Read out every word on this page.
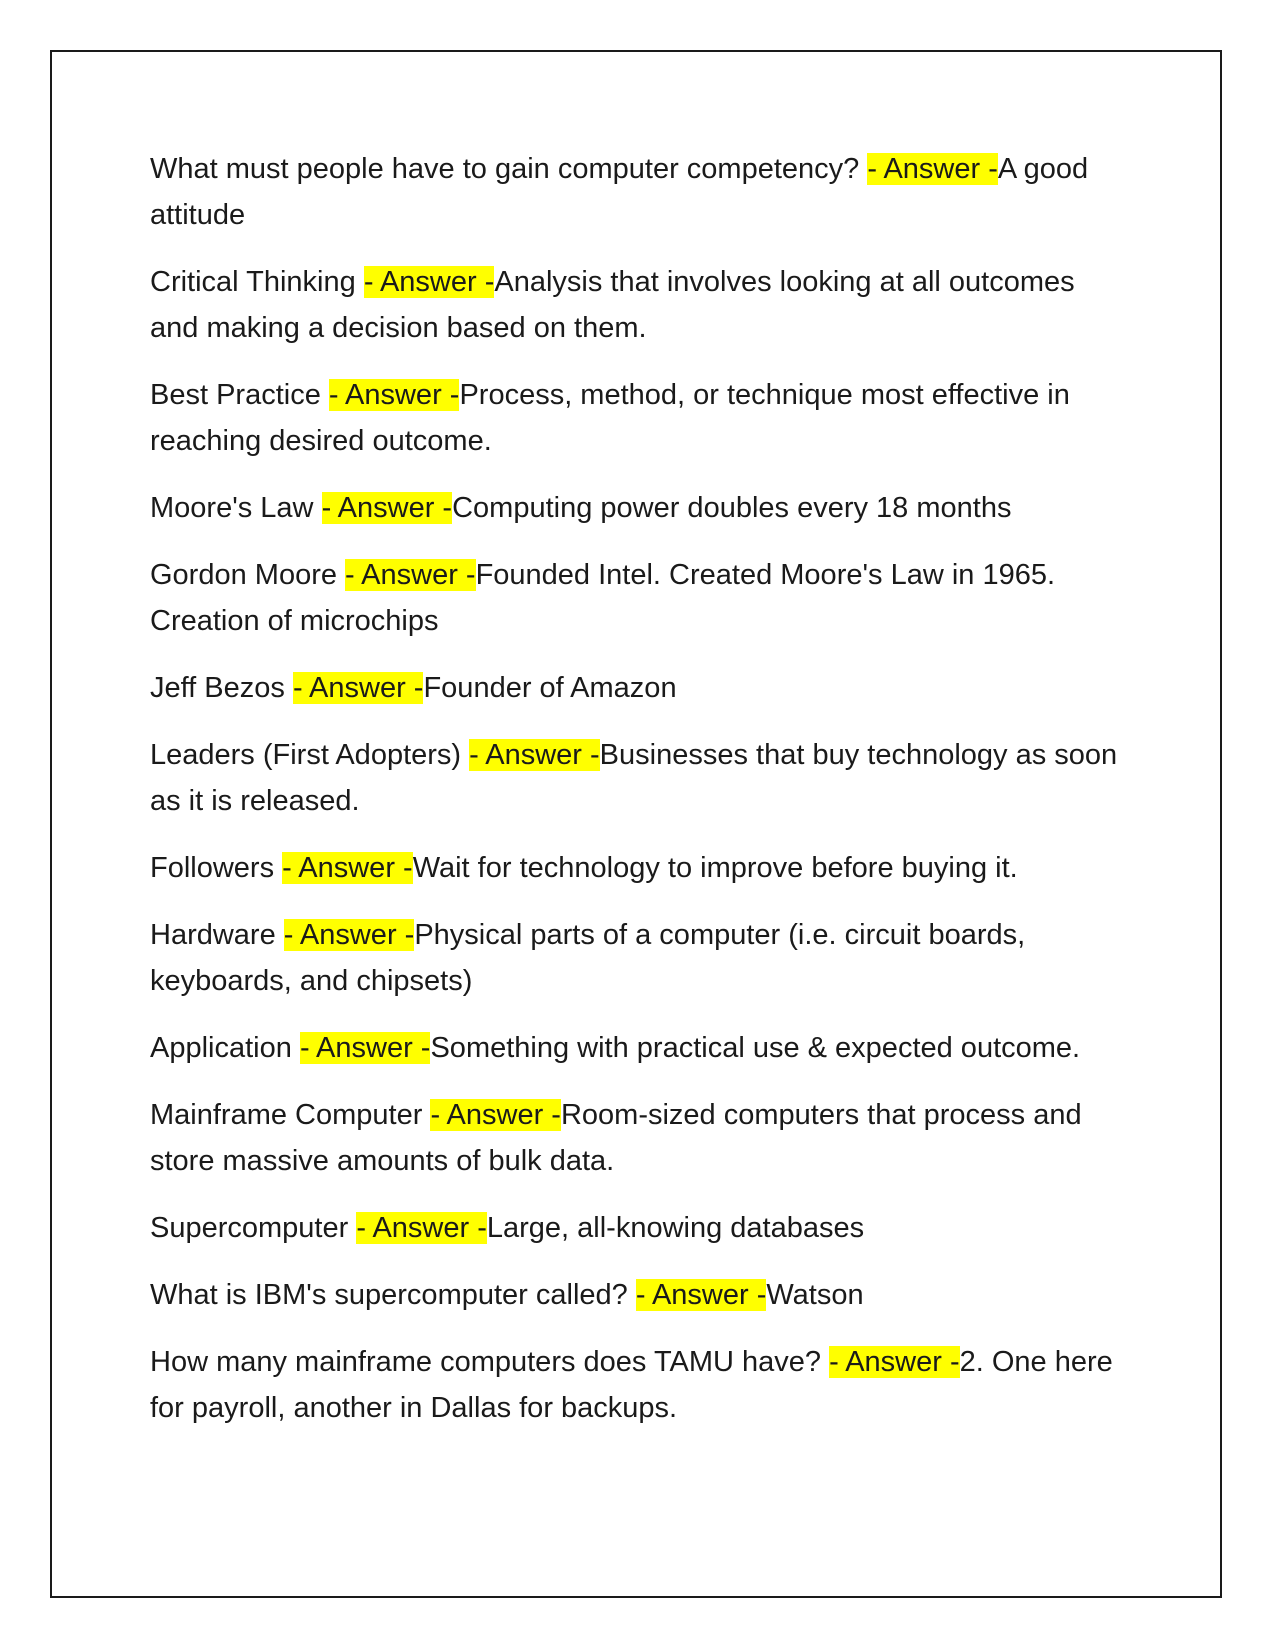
What must people have to gain computer competency? - Answer -A good attitude
Critical Thinking - Answer -Analysis that involves looking at all outcomes and making a decision based on them.
Best Practice - Answer -Process, method, or technique most effective in reaching desired outcome.
Moore's Law - Answer -Computing power doubles every 18 months
Gordon Moore - Answer -Founded Intel. Created Moore's Law in 1965. Creation of microchips
Jeff Bezos - Answer -Founder of Amazon
Leaders (First Adopters) - Answer -Businesses that buy technology as soon as it is released.
Followers - Answer -Wait for technology to improve before buying it.
Hardware - Answer -Physical parts of a computer (i.e. circuit boards, keyboards, and chipsets)
Application - Answer -Something with practical use & expected outcome.
Mainframe Computer - Answer -Room-sized computers that process and store massive amounts of bulk data.
Supercomputer - Answer -Large, all-knowing databases
What is IBM's supercomputer called? - Answer -Watson
How many mainframe computers does TAMU have? - Answer -2. One here for payroll, another in Dallas for backups.
